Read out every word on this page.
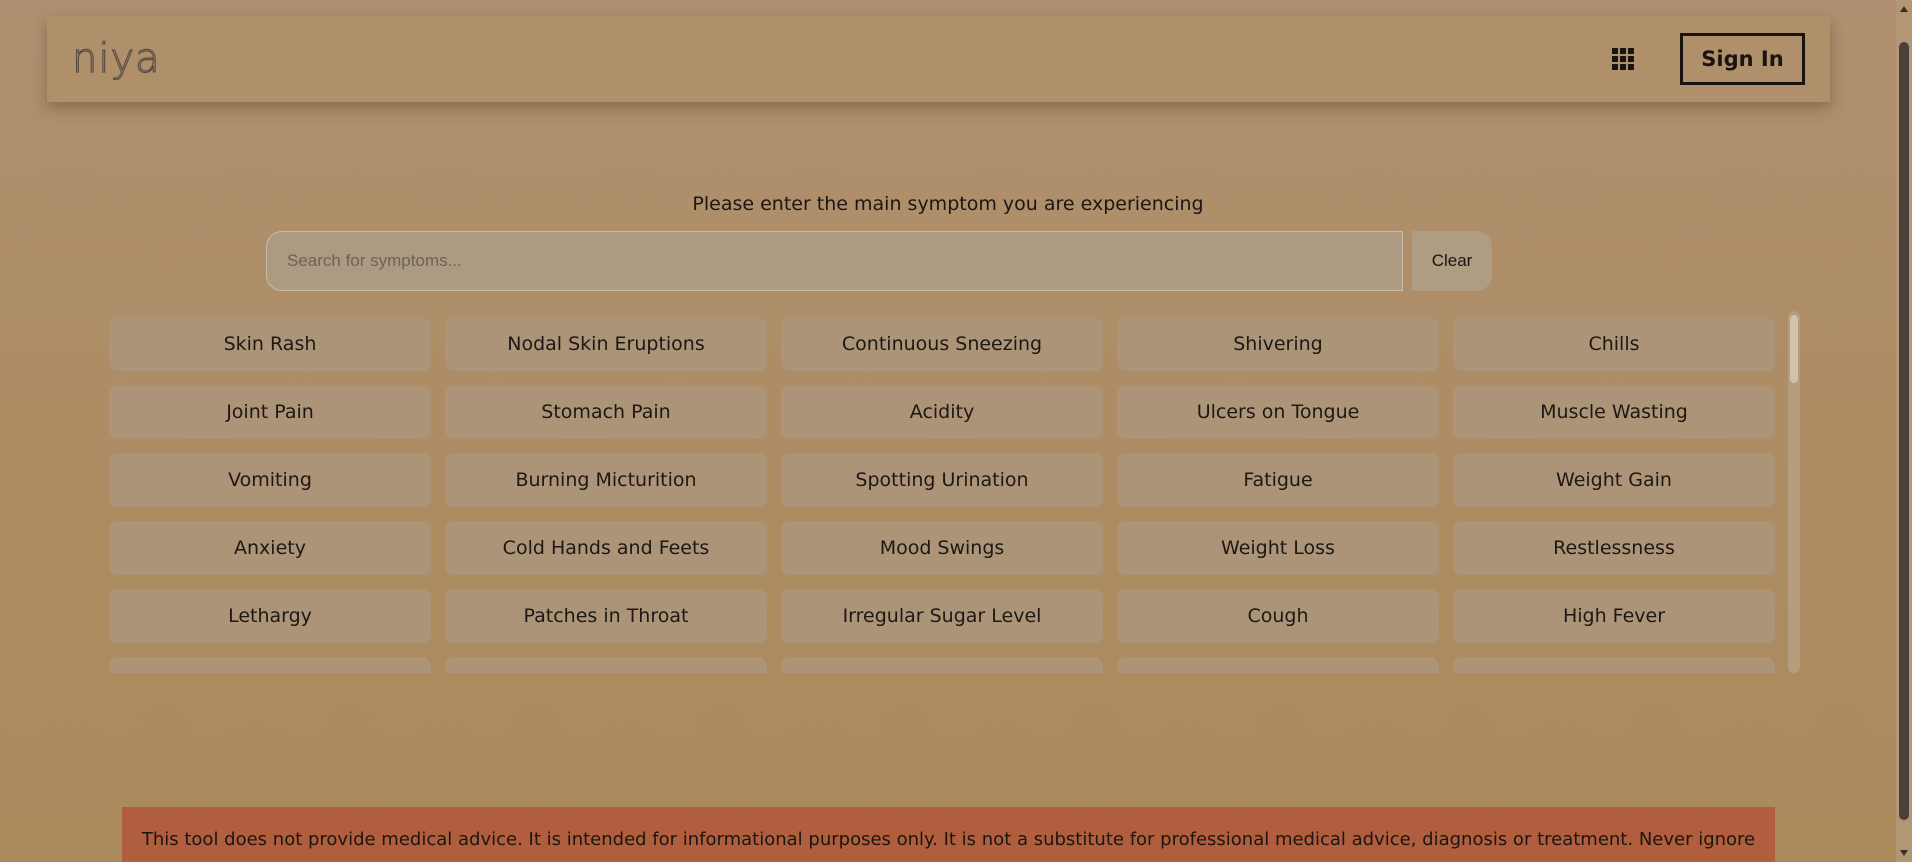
niya	Sign In
Please enter the main symptom you are experiencing
Search for symptoms...
Clear
Skin Rash	Nodal Skin Eruptions	Continuous Sneezing	Shivering	Chills
Joint Pain	Stomach Pain	Acidity	Ulcers on Tongue	Muscle Wasting
Vomiting	Burning Micturition	Spotting Urination	Fatigue	Weight Gain
Anxiety	Cold Hands and Feets	Mood Swings	Weight Loss	Restlessness
Lethargy	Patches in Throat	Irregular Sugar Level	Cough	High Fever
This tool does not provide medical advice. It is intended for informational purposes only. It is not a substitute for professional medical advice, diagnosis or treatment. Never ignore
